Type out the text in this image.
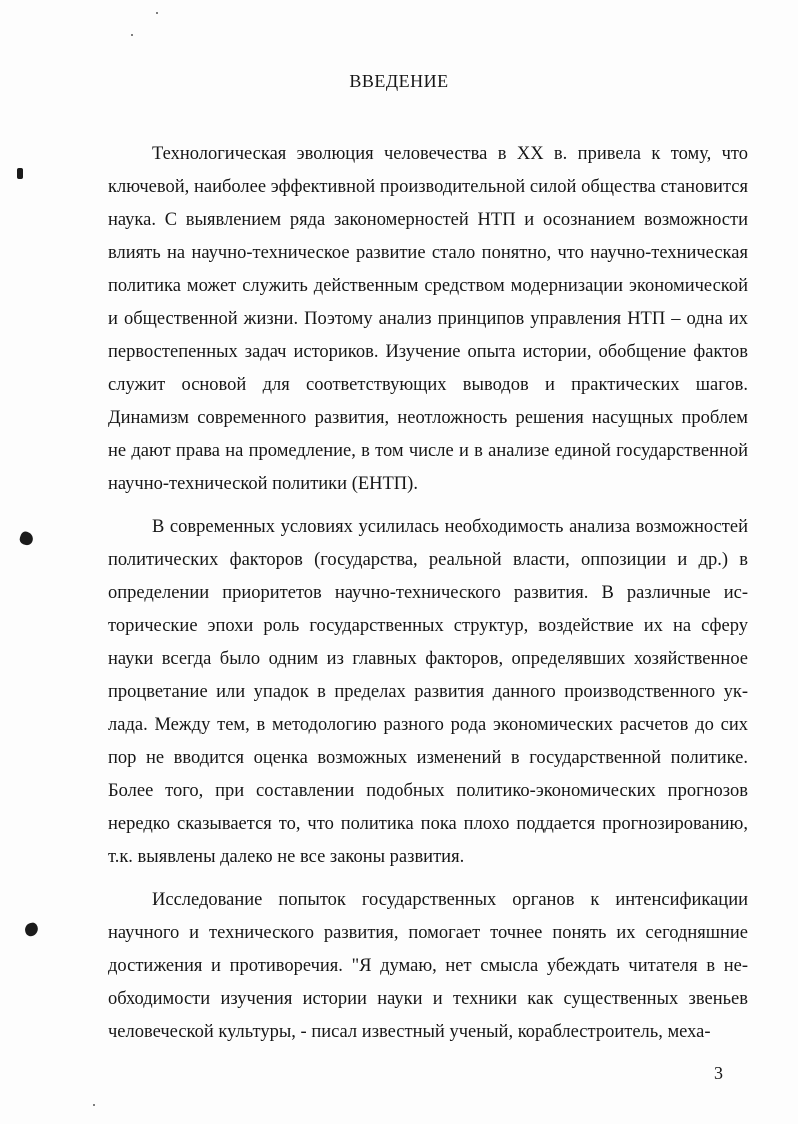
ВВЕДЕНИЕ

Технологическая эволюция человечества в XX в. привела к тому, что ключевой, наиболее эффективной производительной силой общества становится наука. С выявлением ряда закономерностей НТП и осознанием возможности влиять на научно-техническое развитие стало понятно, что научно-техническая политика может служить действенным средством модернизации экономической и общественной жизни. Поэтому анализ принципов управления НТП – одна их первостепенных задач историков. Изучение опыта истории, обобщение фактов служит основой для соответствующих выводов и практических шагов. Динамизм современного развития, неотложность решения насущных проблем не дают права на промедление, в том числе и в анализе единой государственной научно-технической политики (ЕНТП).

В современных условиях усилилась необходимость анализа возможностей политических факторов (государства, реальной власти, оппозиции и др.) в определении приоритетов научно-технического развития. В различные исторические эпохи роль государственных структур, воздействие их на сферу науки всегда было одним из главных факторов, определявших хозяйственное процветание или упадок в пределах развития данного производственного уклада. Между тем, в методологию разного рода экономических расчетов до сих пор не вводится оценка возможных изменений в государственной политике. Более того, при составлении подобных политико-экономических прогнозов нередко сказывается то, что политика пока плохо поддается прогнозированию, т.к. выявлены далеко не все законы развития.

Исследование попыток государственных органов к интенсификации научного и технического развития, помогает точнее понять их сегодняшние достижения и противоречия. "Я думаю, нет смысла убеждать читателя в необходимости изучения истории науки и техники как существенных звеньев человеческой культуры, - писал известный ученый, кораблестроитель, меха-

3
